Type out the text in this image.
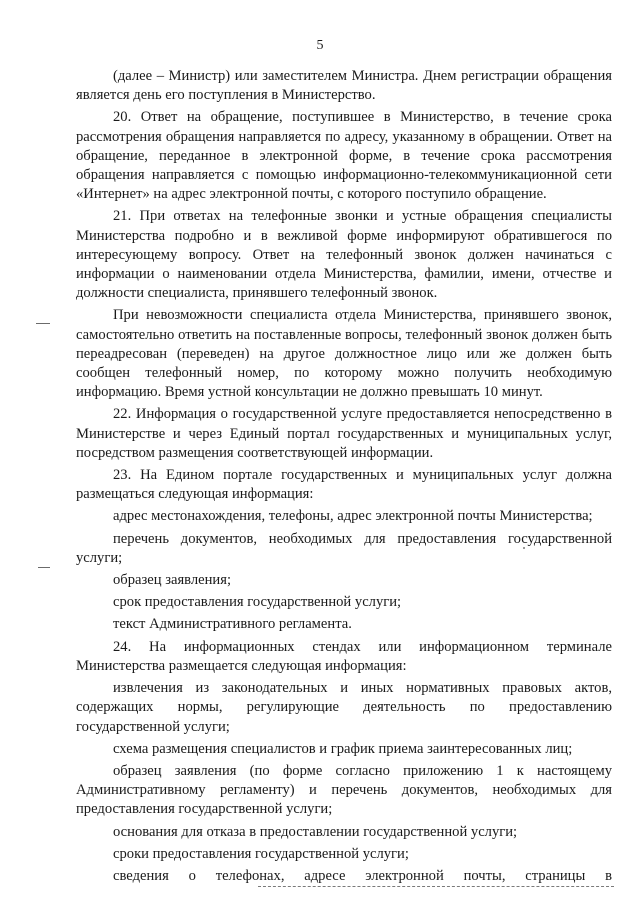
5

(далее – Министр) или заместителем Министра. Днем регистрации обращения является день его поступления в Министерство.

20. Ответ на обращение, поступившее в Министерство, в течение срока рассмотрения обращения направляется по адресу, указанному в обращении. Ответ на обращение, переданное в электронной форме, в течение срока рассмотрения обращения направляется с помощью информационно-телекоммуникационной сети «Интернет» на адрес электронной почты, с которого поступило обращение.

21. При ответах на телефонные звонки и устные обращения специалисты Министерства подробно и в вежливой форме информируют обратившегося по интересующему вопросу. Ответ на телефонный звонок должен начинаться с информации о наименовании отдела Министерства, фамилии, имени, отчестве и должности специалиста, принявшего телефонный звонок.

При невозможности специалиста отдела Министерства, принявшего звонок, самостоятельно ответить на поставленные вопросы, телефонный звонок должен быть переадресован (переведен) на другое должностное лицо или же должен быть сообщен телефонный номер, по которому можно получить необходимую информацию. Время устной консультации не должно превышать 10 минут.

22. Информация о государственной услуге предоставляется непосредственно в Министерстве и через Единый портал государственных и муниципальных услуг, посредством размещения соответствующей информации.

23. На Едином портале государственных и муниципальных услуг должна размещаться следующая информация:

адрес местонахождения, телефоны, адрес электронной почты Министерства;

перечень документов, необходимых для предоставления государственной услуги;

образец заявления;

срок предоставления государственной услуги;

текст Административного регламента.

24. На информационных стендах или информационном терминале Министерства размещается следующая информация:

извлечения из законодательных и иных нормативных правовых актов, содержащих нормы, регулирующие деятельность по предоставлению государственной услуги;

схема размещения специалистов и график приема заинтересованных лиц;

образец заявления (по форме согласно приложению 1 к настоящему Административному регламенту) и перечень документов, необходимых для предоставления государственной услуги;

основания для отказа в предоставлении государственной услуги;

сроки предоставления государственной услуги;

сведения о телефонах, адресе электронной почты, страницы в
